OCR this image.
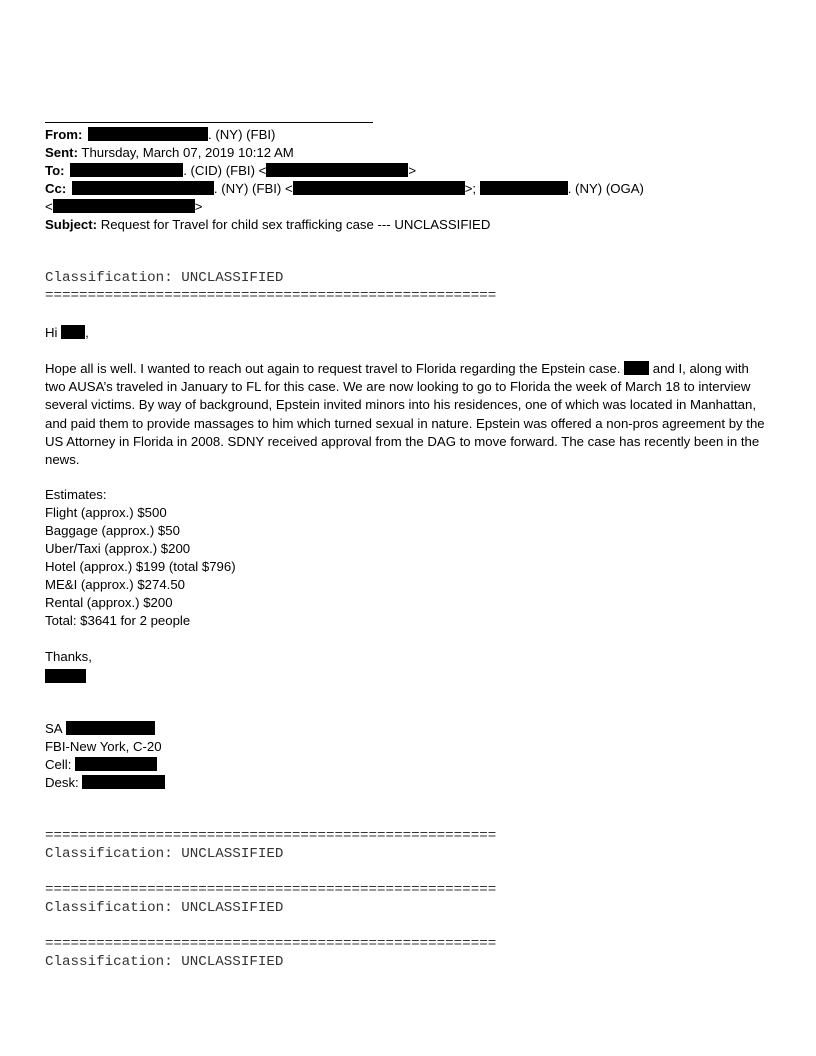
From:	. (NY) (FBI)
Sent: Thursday, March 07, 2019 10:12 AM
To:	. (CID) (FBI) <	>
Cc:	. (NY) (FBI) <	>;	. (NY) (OGA)
<	>
Subject: Request for Travel for child sex trafficking case --- UNCLASSIFIED
Classification: UNCLASSIFIED
=====================================================
Hi ,
Hope all is well. I wanted to reach out again to request travel to Florida regarding the Epstein case.  and I, along with two AUSA’s traveled in January to FL for this case. We are now looking to go to Florida the week of March 18 to interview several victims. By way of background, Epstein invited minors into his residences, one of which was located in Manhattan, and paid them to provide massages to him which turned sexual in nature. Epstein was offered a non-pros agreement by the US Attorney in Florida in 2008. SDNY received approval from the DAG to move forward. The case has recently been in the news.
Estimates:
Flight (approx.) $500
Baggage (approx.) $50
Uber/Taxi (approx.) $200
Hotel (approx.) $199 (total $796)
ME&I (approx.) $274.50
Rental (approx.) $200
Total: $3641 for 2 people
Thanks,
SA
FBI-New York, C-20
Cell:
Desk:
=====================================================
Classification: UNCLASSIFIED
=====================================================
Classification: UNCLASSIFIED
=====================================================
Classification: UNCLASSIFIED
